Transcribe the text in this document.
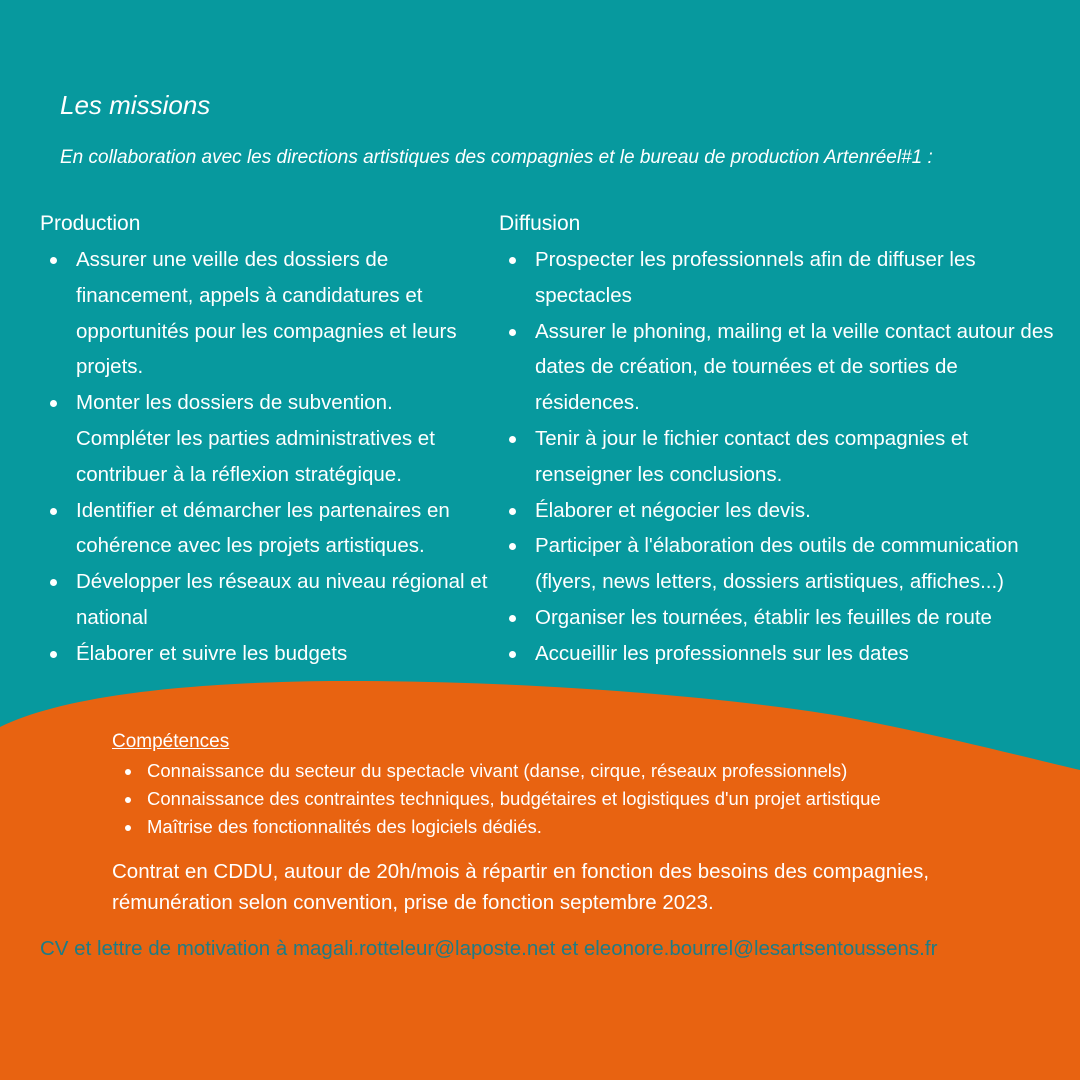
Les missions

En collaboration avec les directions artistiques des compagnies et le bureau de production Artenréel#1 :

Production
Assurer une veille des dossiers de financement, appels à candidatures et opportunités pour les compagnies et leurs projets.
Monter les dossiers de subvention. Compléter les parties administratives et contribuer à la réflexion stratégique.
Identifier et démarcher les partenaires en cohérence avec les projets artistiques.
Développer les réseaux au niveau régional et national
Élaborer et suivre les budgets
Diffusion
Prospecter les professionnels afin de diffuser les spectacles
Assurer le phoning, mailing et la veille contact autour des dates de création, de tournées et de sorties de résidences.
Tenir à jour le fichier contact des compagnies et renseigner les conclusions.
Élaborer et négocier les devis.
Participer à l'élaboration des outils de communication (flyers, news letters, dossiers artistiques, affiches...)
Organiser les tournées, établir les feuilles de route
Accueillir les professionnels sur les dates
Compétences
Connaissance du secteur du spectacle vivant (danse, cirque, réseaux professionnels)
Connaissance des contraintes techniques, budgétaires et logistiques d'un projet artistique
Maîtrise des fonctionnalités des logiciels dédiés.

Contrat en CDDU, autour de 20h/mois à répartir en fonction des besoins des compagnies, rémunération selon convention, prise de fonction septembre 2023.

CV et lettre de motivation à magali.rotteleur@laposte.net et eleonore.bourrel@lesartsentoussens.fr
